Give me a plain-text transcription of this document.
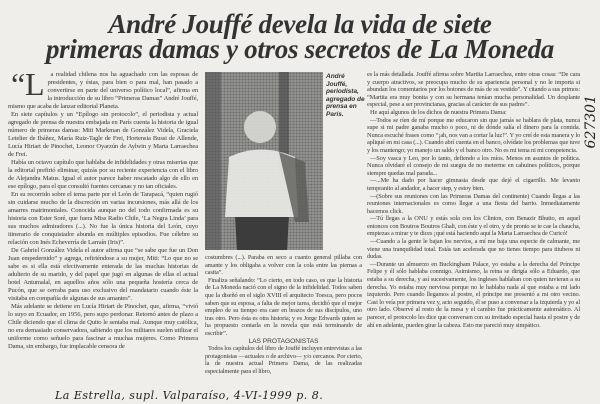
André Jouffé devela la vida de siete
primeras damas y otros secretos de La Moneda

“La realidad chilena nos ha aguachado con las esposas de presidentes, y éstas, para bien o para mal, han pasado a convertirse en parte del universo político local”, afirma en la introducción de su libro “Primeras Damas” André Jouffé, mismo que acaba de lanzar editorial Planeta.

En siete capítulos y un “Epílogo sin protocolo”, el periodista y actual agregado de prensa de nuestra embajada en París cuenta la historia de igual número de primeras damas: Miti Markman de González Videla, Graciela Letelier de Ibáñez, María Ruiz-Tagle de Frei, Hortensia Bussi de Allende, Lucía Hiriart de Pinochet, Leonor Oyarzún de Aylwin y Marta Larraechea de Frei.

Había un octavo capítulo que hablaba de infidelidades y otras miserias que la editorial prefirió eliminar, quizás por su reciente experiencia con el libro de Alejandra Matus. Igual el autor parece haber rescatado algo de ello en ese epílogo, para el que consultó fuentes cercanas y no tan oficiales.

En su recorrido sobre el tema parte por el León de Tarapacá, “quien rugió sin cuidarse mucho de la discreción en varias incursiones, más allá de los amarres matrimoniales. Conocida aunque no del todo confirmada es su historia con Ester Soré, que fuera Miss Radio Chile, ‘La Negra Linda’ para sus muchos admiradores (...). No fue la única historia del León, cuyo itinerario de conquistador abunda en múltiples episodios. Fue célebre su relación con Inés Echeverría de Larraín (Iris)”.

De Gabriel González Videla el autor afirma que “se sabe que fue un Don Juan empedernido” y agrega, refiriéndose a su mujer, Miti: “Lo que no se sabe es si ella está efectivamente enterada de las muchas historias de adulterio de su marido, y del papel que jugó en algunas de ellas el actual hotel Antumalal, en aquellos años sólo una pequeña hostería cerca de Pucón, que se cerraba para uso exclusivo del mandatario cuando éste la visitaba en compañía de algunas de sus amantes”.

Más adelante se detiene en Lucía Hiriart de Pinochet, que, afirma, “vivió lo suyo en Ecuador, en 1956, pero supo perdonar. Retornó antes de plazo a Chile diciendo que el clima de Quito le sentaba mal. Aunque muy católica, no era demasiado conservadora, sabiendo que los militares suelen utilizar el uniforme como señuelo para fascinar a muchas mujeres. Como Primera Dama, sin embargo, fue implacable censora de

André Jouffé, periodista, agregado de prensa en París.

costumbres (...). Paraba en seco a cuanto general pillaba con amante y los obligaba a volver con la cola entre las piernas a casita”.

Finaliza señalando: “Lo cierto, en todo caso, es que la historia de La Moneda nació con el signo de la infidelidad. Todos saben que la diseñó en el siglo XVIII el arquitecto Toesca, pero pocos saben que su esposa, a falta de mejor tarea, decidió que el mejor empleo de su tiempo era caer en brazos de sus discípulos, uno tras otro. Pero ésta es otra historia; y es Jorge Edwards quien se ha propuesto contarla en la novela que está terminando de escribir”.

LAS PROTAGONISTAS

Todos los capítulos del libro de Jouffé incluyen entrevistas a las protagonistas —actuales o de archivo— y/o cercanos. Por cierto, la de nuestra actual Primera Dama, de las realizadas especialmente para el libro,

es la más detallada. Jouffé afirma sobre Martita Larraechea, entre otras cosas: “De cara y cuerpo atractivos, se preocupa mucho de su apariencia personal y no le importa si abundan los comentarios por los botones de más de su vestido”. Y citando a sus primos: “Martita era muy bonita y con su hermana tenían mucha personalidad. Un desplante especial, pese a ser provincianas, gracias al carácter de sus padres”.

He aquí algunos de los dichos de nuestra Primera Dama:

—Todos se ríen de mí porque me educaron sin que jamás se hablara de plata, nunca supe si mi padre ganaba mucho o poco, ni de dónde salía el dinero para la comida. Nunca escuché frases como “¡ah, nos van a cortar la luz!”. Y yo creí de esta manera y lo apliqué en mi casa (...). Cuando abrí cuenta en el banco, olvídate los problemas que tuve y los mantengo; yo manejo un saldo y el banco otro. No es mi tema ni mi competencia.

—Soy vasca y Leo, por lo tanto, defiendo a los míos. Menos en asuntos de política. Nunca olvidaré el consejo de mi suegra de no meterme en cahuines políticos, porque siempre quedas mal parada...

—...Me ha dado por hacer gimnasia desde que dejé el cigarrillo. Me levanto tempranito al andador, a hacer step, y estoy bien.

—(Sobre sus reuniones con las Primeras Damas del continente) Cuando llegas a las reuniones internacionales es como llegar a una fiesta del barrio. Inmediatamente hacemos click.

—Tú llegas a la ONU y estás sola con los Clinton, con Benazir Bhutto, en aquel entonces con Boutros Boutros Ghali, con éste y el otro, y de pronto se te cae la chaucha, empiezas a mirar y te dices ¡qué está haciendo aquí la Marta Larraechea de Curicó!

—Cuando a la gente le bajan los nervios, a mí me baja una especie de calmante, me viene una tranquilidad total. Estás tan acelerada que no tienes tiempo para titubeos ni dudas.

—Durante un almuerzo en Buckingham Palace, yo estaba a la derecha del Príncipe Felipe y él sólo hablaba conmigo. Asimismo, la reina se dirigía sólo a Eduardo, que estaba a su derecha, y así sucesivamente, los ingleses hablaban con quien tuvieran a su derecha. Yo estaba muy nerviosa porque no le hablaba nada al que estaba a mi lado izquierdo. Pero cuando llegamos al postre, el príncipe me presentó a mi otro vecino. Casi lo veía por primera vez y, acto seguido, él se puso a conversar a la izquierda y yo al otro lado. Observé al resto de la mesa y el cambio fue prácticamente automático. Al parecer, el protocolo les dice que conversen con su invitado especial hasta el postre y de ahí en adelante, pueden girar la cabeza. Esto me pareció muy simpático.

La Estrella, supl. Valparaíso, 4-VI-1999 p. 8.
627301
